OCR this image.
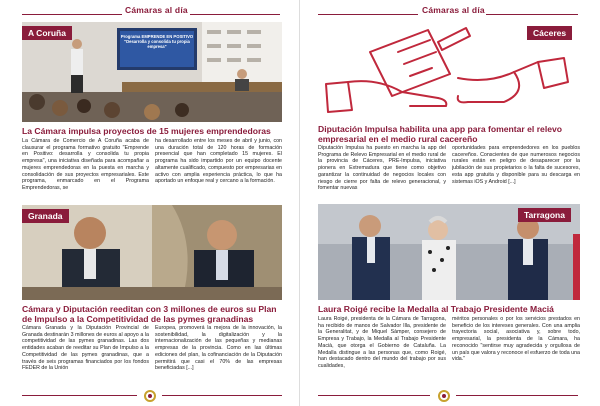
Cámaras al día
Programa EMPRENDE EN POSITIVO "Desarrolla y consolida tu propia empresa"
A Coruña
La Cámara impulsa proyectos de 15 mujeres emprendedoras
La Cámara de Comercio de A Coruña acaba de clausurar el programa formativo gratuito "Emprende en Positivo: desarrolla y consolida tu propia empresa", una iniciativa diseñada para acompañar a mujeres emprendedoras en la puesta en marcha y consolidación de sus proyectos empresariales. Este programa, enmarcado en el Programa Emprendedoras, se
ha desarrollado entre los meses de abril y junio, con una duración total de 120 horas de formación presencial que han completado 15 mujeres. El programa ha sido impartido por un equipo docente altamente cualificado, compuesto por empresarias en activo con amplia experiencia práctica, lo que ha aportado un enfoque real y cercano a la formación.
Granada
Cámara y Diputación reeditan con 3 millones de euros su Plan de Impulso a la Competitividad de las pymes granadinas
Cámara Granada y la Diputación Provincial de Granada destinarán 3 millones de euros al apoyo a la competitividad de las pymes granadinas. Las dos entidades acaban de reeditar su Plan de Impulso a la Competitividad de las pymes granadinas, que a través de seis programas financiados por los fondos FEDER de la Unión
Europea, promoverá la mejora de la innovación, la sostenibilidad, la digitalización y la internacionalización de las pequeñas y medianas empresas de la provincia. Como en las últimas ediciones del plan, la cofinanciación de la Diputación permitirá que casi el 70% de las empresas beneficiadas [...]
Cámaras al día
Cáceres
Diputación Impulsa habilita una app para fomentar el relevo empresarial en el medio rural cacereño
Diputación Impulsa ha puesto en marcha la app del Programa de Relevo Empresarial en el medio rural de la provincia de Cáceres, PRE-Impulsa, iniciativa pionera en Extremadura que tiene como objetivo garantizar la continuidad de negocios locales con riesgo de cierre por falta de relevo generacional, y fomentar nuevas
oportunidades para emprendedores en los pueblos cacereños. Conscientes de que numerosos negocios rurales están en peligro de desaparecer por la jubilación de sus propietarios o la falta de sucesores, esta app gratuita y disponible para su descarga en sistemas iOS y Android [...]
Tarragona
Laura Roigé recibe la Medalla al Trabajo Presidente Maciá
Laura Roigé, presidenta de la Cámara de Tarragona, ha recibido de manos de Salvador Illa, presidente de la Generalitat, y de Miquel Sàmper, consejero de Empresa y Trabajo, la Medalla al Trabajo Presidente Macià, que otorga el Gobierno de Cataluña. La Medalla distingue a las personas que, como Roigé, han destacado dentro del mundo del trabajo por sus cualidades,
méritos personales o por los servicios prestados en beneficio de los intereses generales. Con una amplia trayectoria social, asociativa y, sobre todo, empresarial, la presidenta de la Cámara, ha reconocido "sentirse muy agradecida y orgullosa de un país que valora y reconoce el esfuerzo de toda una vida."
